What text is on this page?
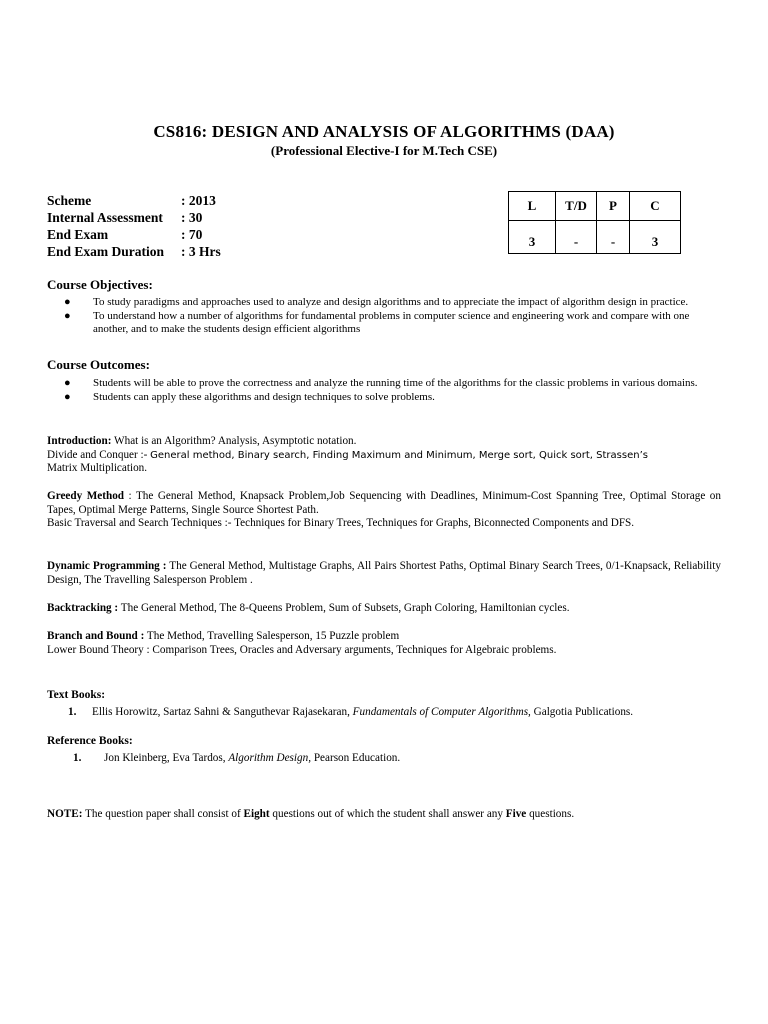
CS816: DESIGN AND ANALYSIS OF ALGORITHMS (DAA)
(Professional Elective-I for M.Tech CSE)
Scheme	: 2013
Internal Assessment	: 30
End Exam	: 70
End Exam Duration	: 3 Hrs
L	T/D	P	C
3	-	-	3
Course Objectives:
● To study paradigms and approaches used to analyze and design algorithms and to appreciate the impact of algorithm design in practice.
● To understand how a number of algorithms for fundamental problems in computer science and engineering work and compare with one another, and to make the students design efficient algorithms
Course Outcomes:
● Students will be able to prove the correctness and analyze the running time of the algorithms for the classic problems in various domains.
● Students can apply these algorithms and design techniques to solve problems.

Introduction: What is an Algorithm? Analysis, Asymptotic notation.
Divide and Conquer :- General method, Binary search, Finding Maximum and Minimum, Merge sort, Quick sort, Strassen’s
Matrix Multiplication.

Greedy Method : The General Method, Knapsack Problem,Job Sequencing with Deadlines, Minimum-Cost Spanning Tree, Optimal Storage on Tapes, Optimal Merge Patterns, Single Source Shortest Path.
Basic Traversal and Search Techniques :- Techniques for Binary Trees, Techniques for Graphs, Biconnected Components and DFS.

Dynamic Programming : The General Method, Multistage Graphs, All Pairs Shortest Paths, Optimal Binary Search Trees, 0/1-Knapsack, Reliability Design, The Travelling Salesperson Problem .

Backtracking : The General Method, The 8-Queens Problem, Sum of Subsets, Graph Coloring, Hamiltonian cycles.

Branch and Bound : The Method, Travelling Salesperson, 15 Puzzle problem
Lower Bound Theory : Comparison Trees, Oracles and Adversary arguments, Techniques for Algebraic problems.

Text Books:
1. Ellis Horowitz, Sartaz Sahni & Sanguthevar Rajasekaran, Fundamentals of Computer Algorithms, Galgotia Publications.
Reference Books:
1. Jon Kleinberg, Eva Tardos, Algorithm Design, Pearson Education.
NOTE: The question paper shall consist of Eight questions out of which the student shall answer any Five questions.
